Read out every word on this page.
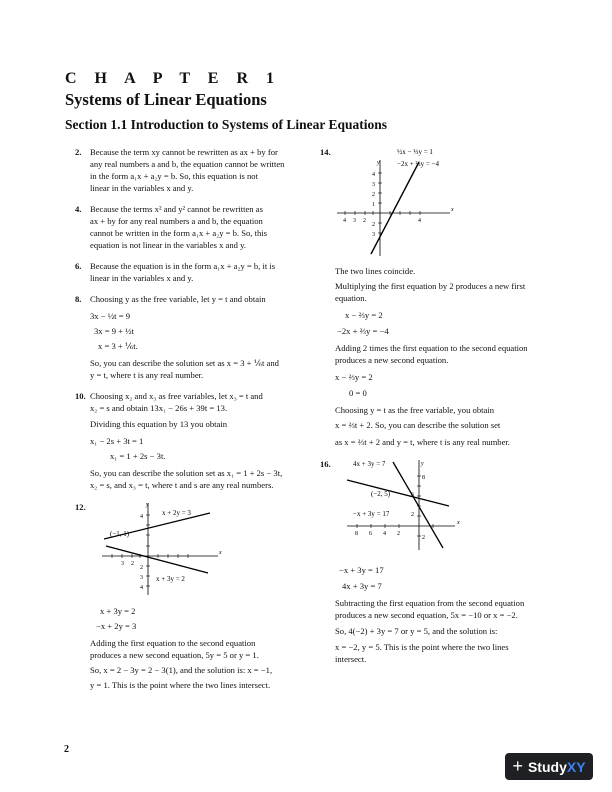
C H A P T E R 1
Systems of Linear Equations
Section 1.1 Introduction to Systems of Linear Equations
2. Because the term xy cannot be rewritten as ax + by for
any real numbers a and b, the equation cannot be written
in the form a₁x + a₂y = b. So, this equation is not
linear in the variables x and y.
4. Because the terms x² and y² cannot be rewritten as
ax + by for any real numbers a and b, the equation
cannot be written in the form a₁x + a₂y = b. So, this
equation is not linear in the variables x and y.
6. Because the equation is in the form a₁x + a₂y = b, it is
linear in the variables x and y.
8. Choosing y as the free variable, let y = t and obtain
3x − ½t = 9
3x = 9 + ½t
x = 3 + ⅙t.
So, you can describe the solution set as x = 3 + ⅙t and
y = t, where t is any real number.
10. Choosing x₂ and x₃ as free variables, let x₃ = t and
x₂ = s and obtain 13x₁ − 26s + 39t = 13.
Dividing this equation by 13 you obtain
x₁ − 2s + 3t = 1
x₁ = 1 + 2s − 3t.
So, you can describe the solution set as x₁ = 1 + 2s − 3t,
x₂ = s, and x₃ = t, where t and s are any real numbers.
12.	y
x
4
3 2
2
3
4
x + 2y = 3
x + 3y = 2
(−1, 1)
x + 3y = 2
−x + 2y = 3
Adding the first equation to the second equation
produces a new second equation, 5y = 5 or y = 1.
So, x = 2 − 3y = 2 − 3(1), and the solution is: x = −1,
y = 1. This is the point where the two lines intersect.
14.
y
x
4
3
2
1
2
3
4 3 2	4
½x − ⅓y = 1
−2x + ⅔y = −4
The two lines coincide.
Multiplying the first equation by 2 produces a new first
equation.
x − ⅔y = 2
−2x + ⅔y = −4
Adding 2 times the first equation to the second equation
produces a new second equation.
x − ⅔y = 2
0 = 0
Choosing y = t as the free variable, you obtain
x = ⅔t + 2. So, you can describe the solution set
as x = ⅔t + 2 and y = t, where t is any real number.
16.	y
x
8
6
2
2
8 6 4 2
4x + 3y = 7
−x + 3y = 17
(−2, 5)
−x + 3y = 17
4x + 3y = 7
Subtracting the first equation from the second equation
produces a new second equation, 5x = −10 or x = −2.
So, 4(−2) + 3y = 7 or y = 5, and the solution is:
x = −2, y = 5. This is the point where the two lines
intersect.
2
+ Study XY
